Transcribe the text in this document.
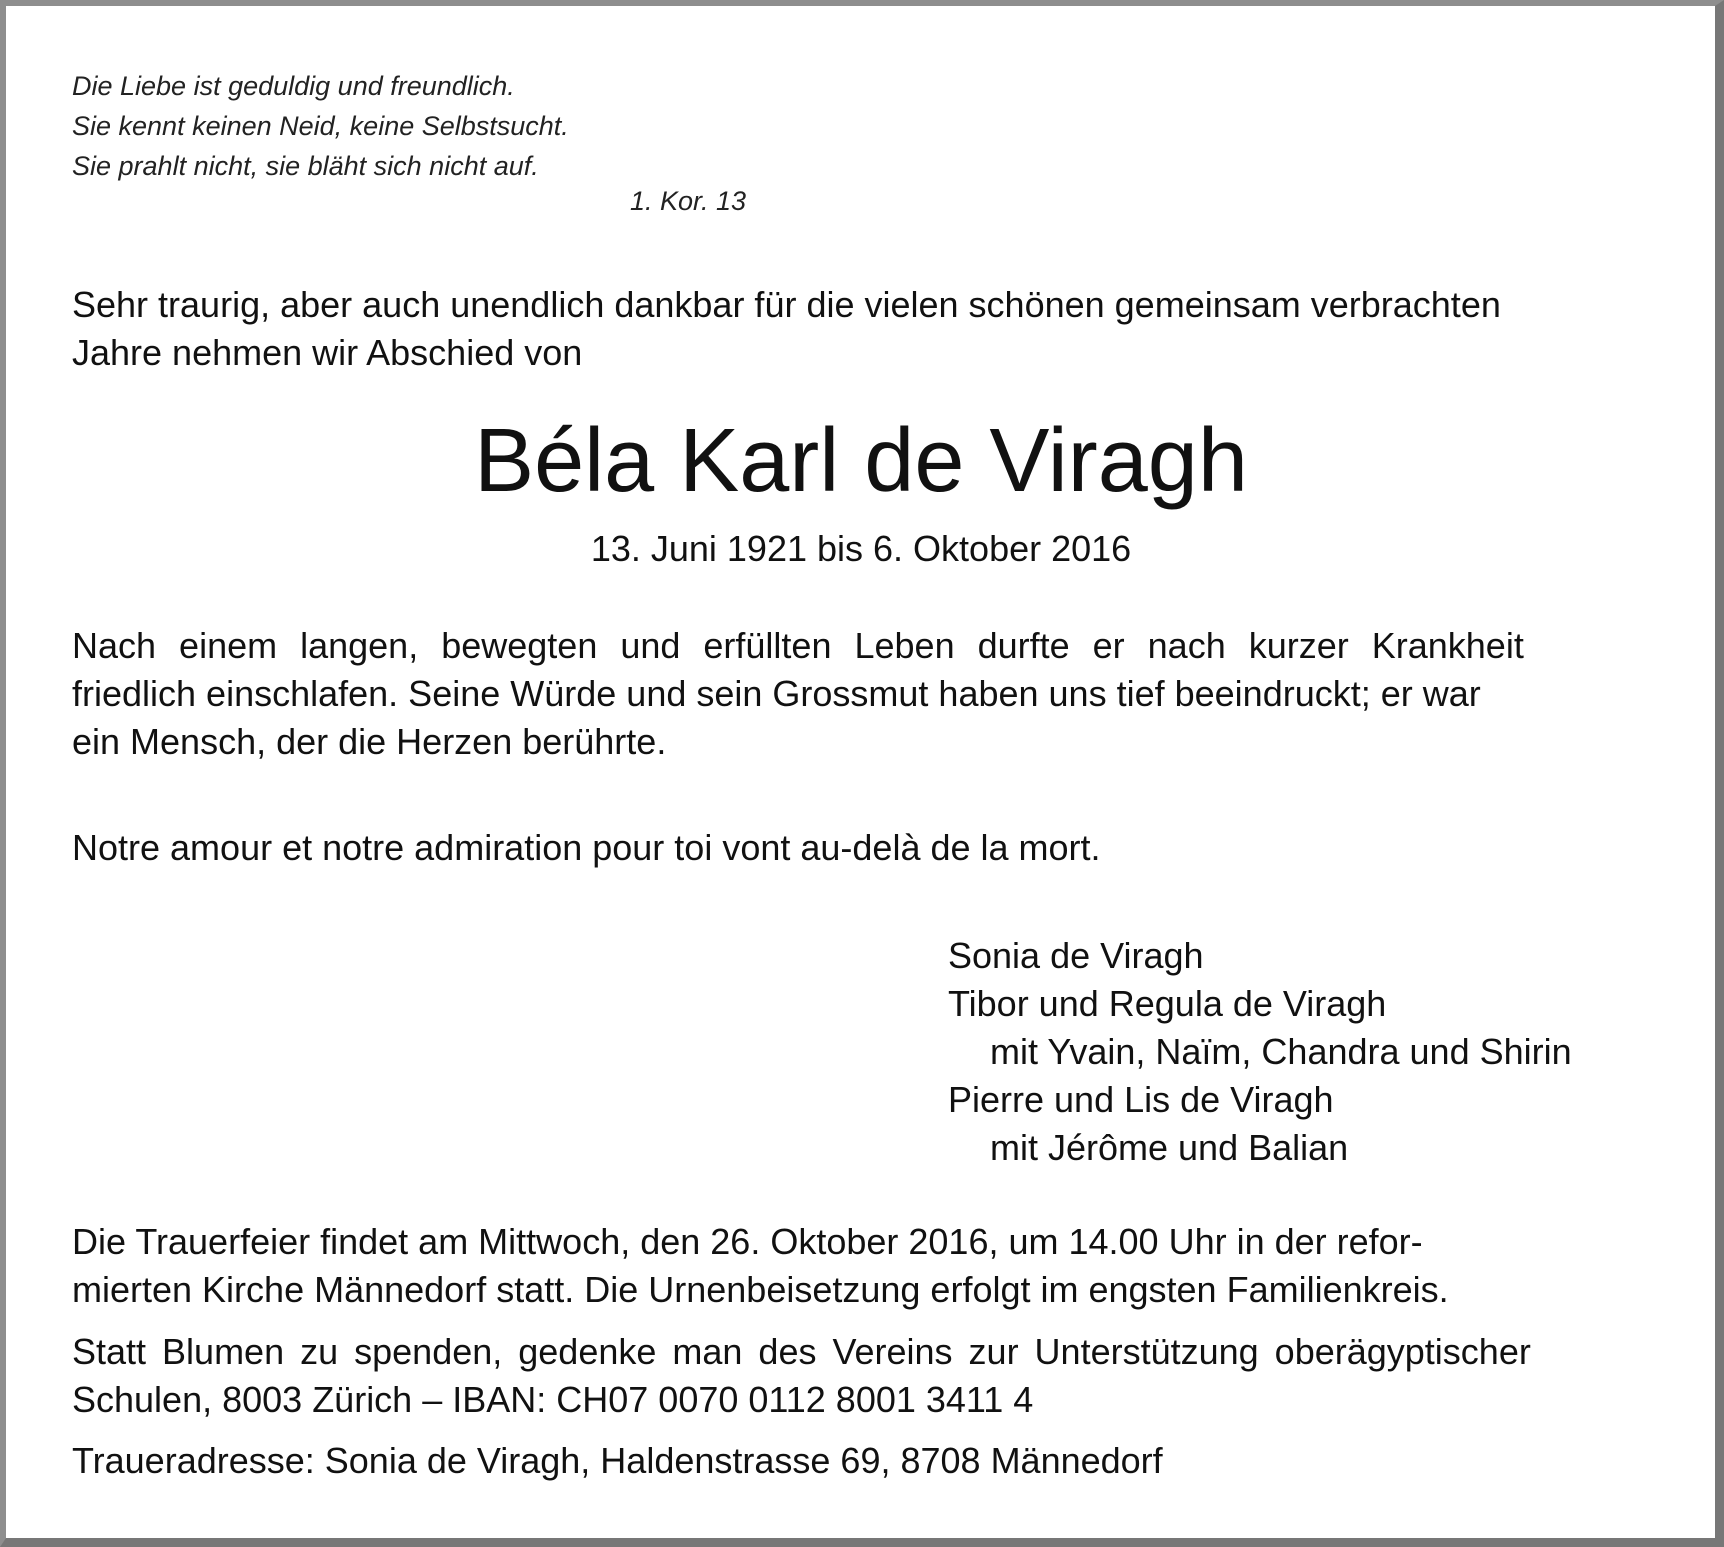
Die Liebe ist geduldig und freundlich.
Sie kennt keinen Neid, keine Selbstsucht.
Sie prahlt nicht, sie bläht sich nicht auf.
1. Kor. 13
Sehr traurig, aber auch unendlich dankbar für die vielen schönen gemeinsam verbrachten
Jahre nehmen wir Abschied von
Béla Karl de Viragh
13. Juni 1921 bis 6. Oktober 2016
Nach einem langen, bewegten und erfüllten Leben durfte er nach kurzer Krankheit
friedlich einschlafen. Seine Würde und sein Grossmut haben uns tief beeindruckt; er war
ein Mensch, der die Herzen berührte.
Notre amour et notre admiration pour toi vont au-delà de la mort.
Sonia de Viragh
Tibor und Regula de Viragh
mit Yvain, Naïm, Chandra und Shirin
Pierre und Lis de Viragh
mit Jérôme und Balian
Die Trauerfeier findet am Mittwoch, den 26. Oktober 2016, um 14.00 Uhr in der refor-
mierten Kirche Männedorf statt. Die Urnenbeisetzung erfolgt im engsten Familienkreis.
Statt Blumen zu spenden, gedenke man des Vereins zur Unterstützung oberägyptischer
Schulen, 8003 Zürich – IBAN: CH07 0070 0112 8001 3411 4
Traueradresse: Sonia de Viragh, Haldenstrasse 69, 8708 Männedorf
